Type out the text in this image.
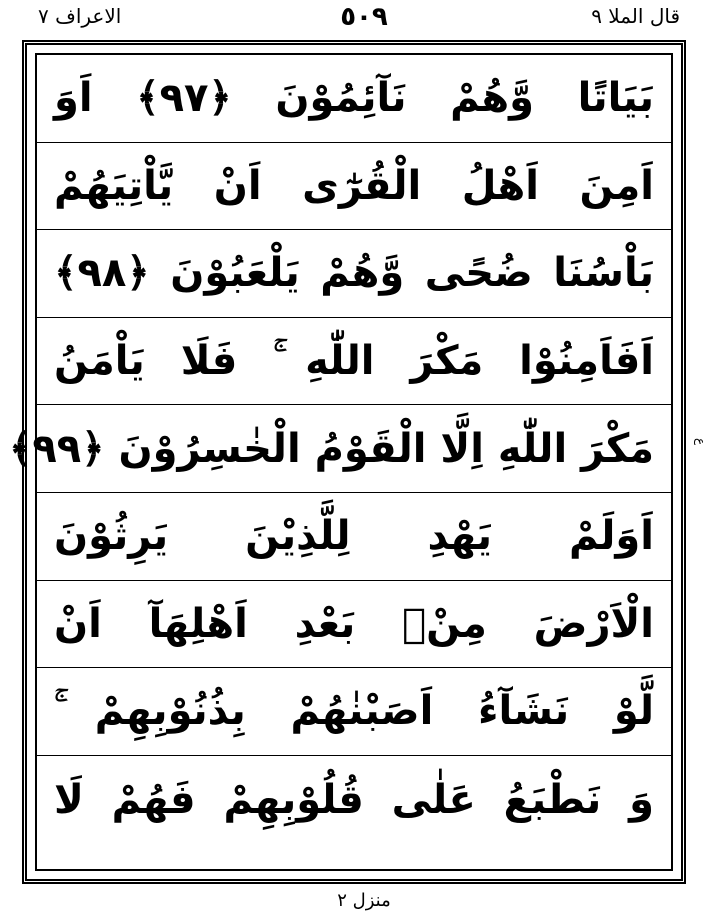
الاعراف ٧	٥٠٩	قال الملا ٩
بَيَاتًا وَّهُمْ نَآئِمُوْنَ ﴿٩٧﴾ اَوَ
اَمِنَ اَهْلُ الْقُرٰٓى اَنْ يَّاْتِيَهُمْ
بَاْسُنَا ضُحًى وَّهُمْ يَلْعَبُوْنَ ﴿٩٨﴾
اَفَاَمِنُوْا مَكْرَ اللّٰهِ ۚ فَلَا يَاْمَنُ
مَكْرَ اللّٰهِ اِلَّا الْقَوْمُ الْخٰسِرُوْنَ ﴿٩٩﴾
اَوَلَمْ يَهْدِ لِلَّذِيْنَ يَرِثُوْنَ
الْاَرْضَ مِنْۢ بَعْدِ اَهْلِهَآ اَنْ
لَّوْ نَشَآءُ اَصَبْنٰهُمْ بِذُنُوْبِهِمْ ۚ
وَ نَطْبَعُ عَلٰى قُلُوْبِهِمْ فَهُمْ لَا
ع
منزل ٢
